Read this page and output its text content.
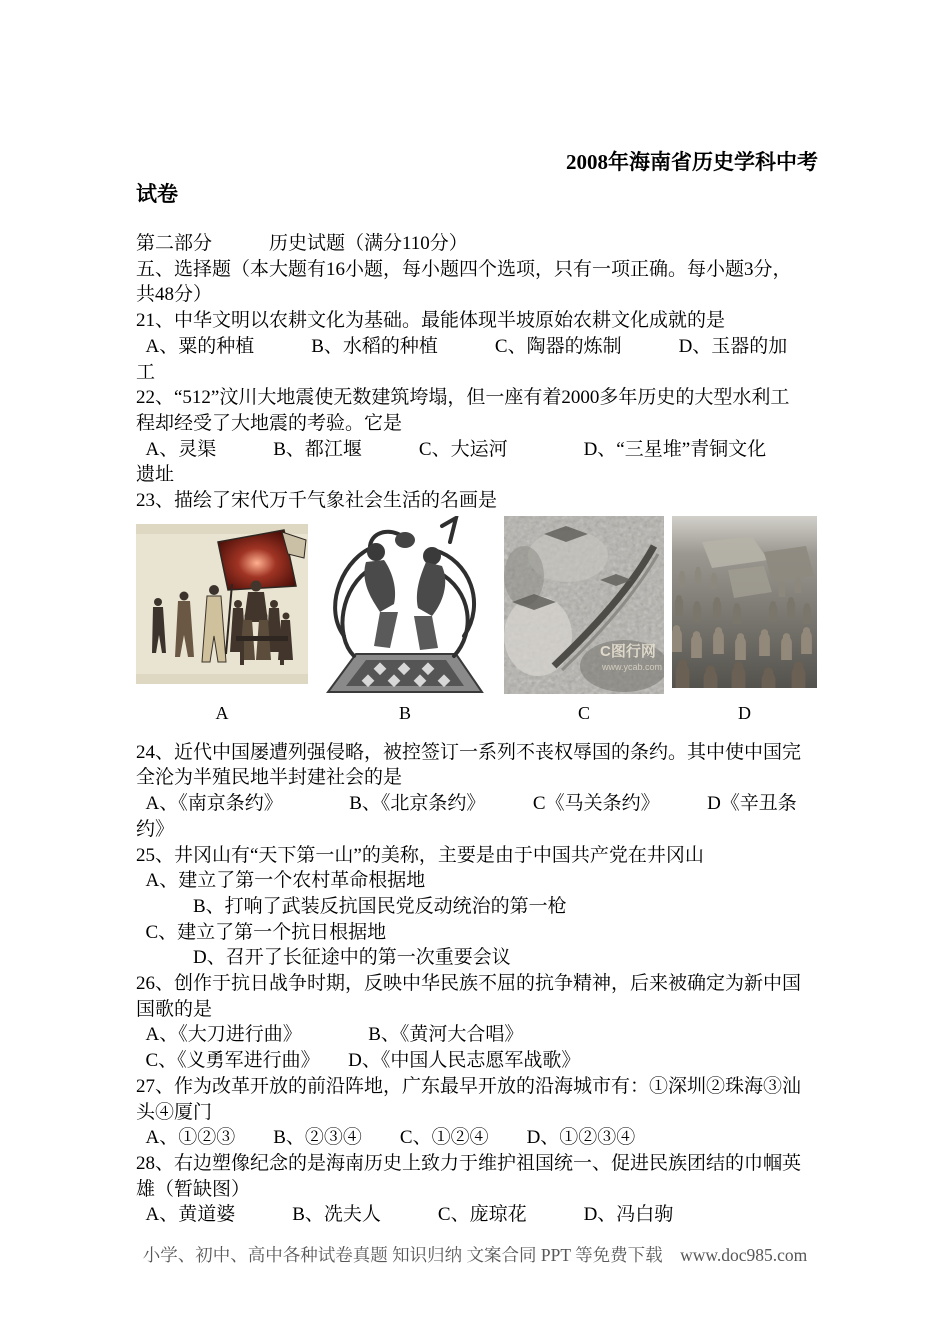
2008年海南省历史学科中考
试卷
第二部分　　　历史试题（满分110分）
五、选择题（本大题有16小题，每小题四个选项，只有一项正确。每小题3分，
共48分）
21、中华文明以农耕文化为基础。最能体现半坡原始农耕文化成就的是
A、粟的种植　　　B、水稻的种植　　　C、陶器的炼制　　　D、玉器的加
工
22、“512”汶川大地震使无数建筑垮塌，但一座有着2000多年历史的大型水利工
程却经受了大地震的考验。它是
A、灵渠　　　B、都江堰　　　C、大运河　　　　D、“三星堆”青铜文化
遗址
23、描绘了宋代万千气象社会生活的名画是
C图行网
www.ycab.com
A	B	C	D
24、近代中国屡遭列强侵略，被控签订一系列不丧权辱国的条约。其中使中国完
全沦为半殖民地半封建社会的是
A、《南京条约》　　　　B、《北京条约》　　　C《马关条约》　　　D《辛丑条
约》
25、井冈山有“天下第一山”的美称，主要是由于中国共产党在井冈山
A、建立了第一个农村革命根据地
　　　B、打响了武装反抗国民党反动统治的第一枪
C、建立了第一个抗日根据地
　　　D、召开了长征途中的第一次重要会议
26、创作于抗日战争时期，反映中华民族不屈的抗争精神，后来被确定为新中国
国歌的是
A、《大刀进行曲》　　　　B、《黄河大合唱》
C、《义勇军进行曲》　　D、《中国人民志愿军战歌》
27、作为改革开放的前沿阵地，广东最早开放的沿海城市有：①深圳②珠海③汕
头④厦门
A、①②③　　B、②③④　　C、①②④　　D、①②③④
28、右边塑像纪念的是海南历史上致力于维护祖国统一、促进民族团结的巾帼英
雄（暂缺图）
A、黄道婆　　　B、冼夫人　　　C、庞琼花　　　D、冯白驹
小学、初中、高中各种试卷真题 知识归纳 文案合同 PPT 等免费下载　www.doc985.com
